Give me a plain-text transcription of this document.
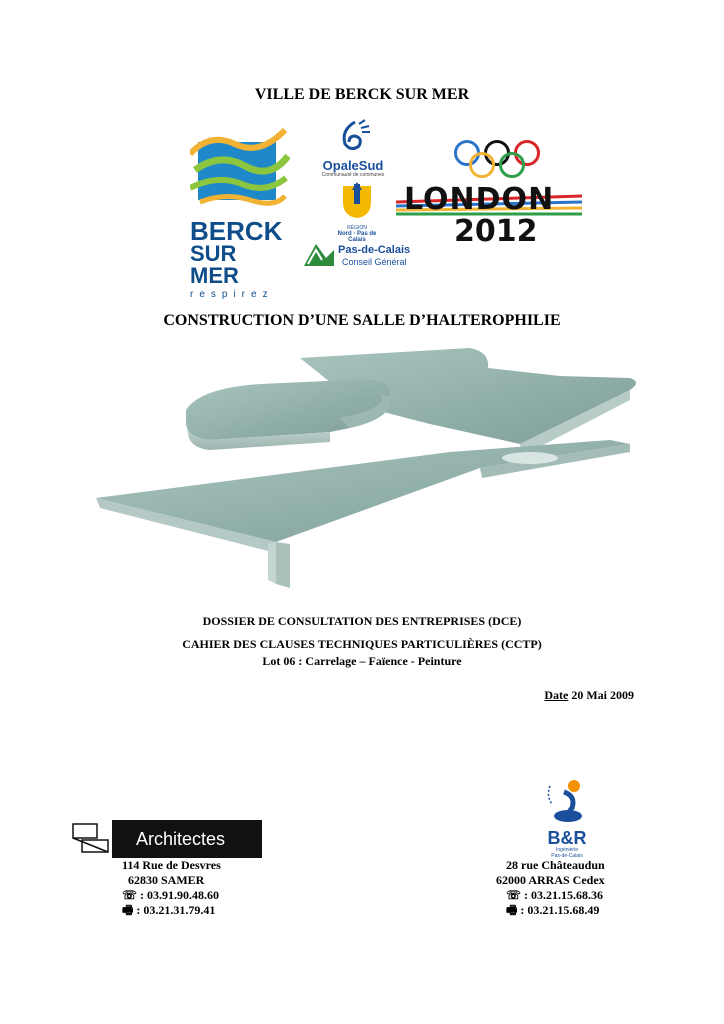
VILLE DE BERCK SUR MER
BERCK
SUR MER
respirez
OpaleSud
Communauté de communes
RÉGION
Nord - Pas de Calais
Pas-de-Calais
Conseil Général
LONDON
2012
CONSTRUCTION D’UNE SALLE D’HALTEROPHILIE
DOSSIER DE CONSULTATION DES ENTREPRISES (DCE)
CAHIER DES CLAUSES TECHNIQUES PARTICULIÈRES (CCTP)
Lot 06 : Carrelage – Faïence - Peinture
Date 20 Mai 2009
Architectes
114 Rue de Desvres
62830 SAMER
☏ : 03.91.90.48.60
🖷 : 03.21.31.79.41
B&R
Ingénierie
Pas-de-Calais
28 rue Châteaudun
62000 ARRAS Cedex
☏ : 03.21.15.68.36
🖷 : 03.21.15.68.49
